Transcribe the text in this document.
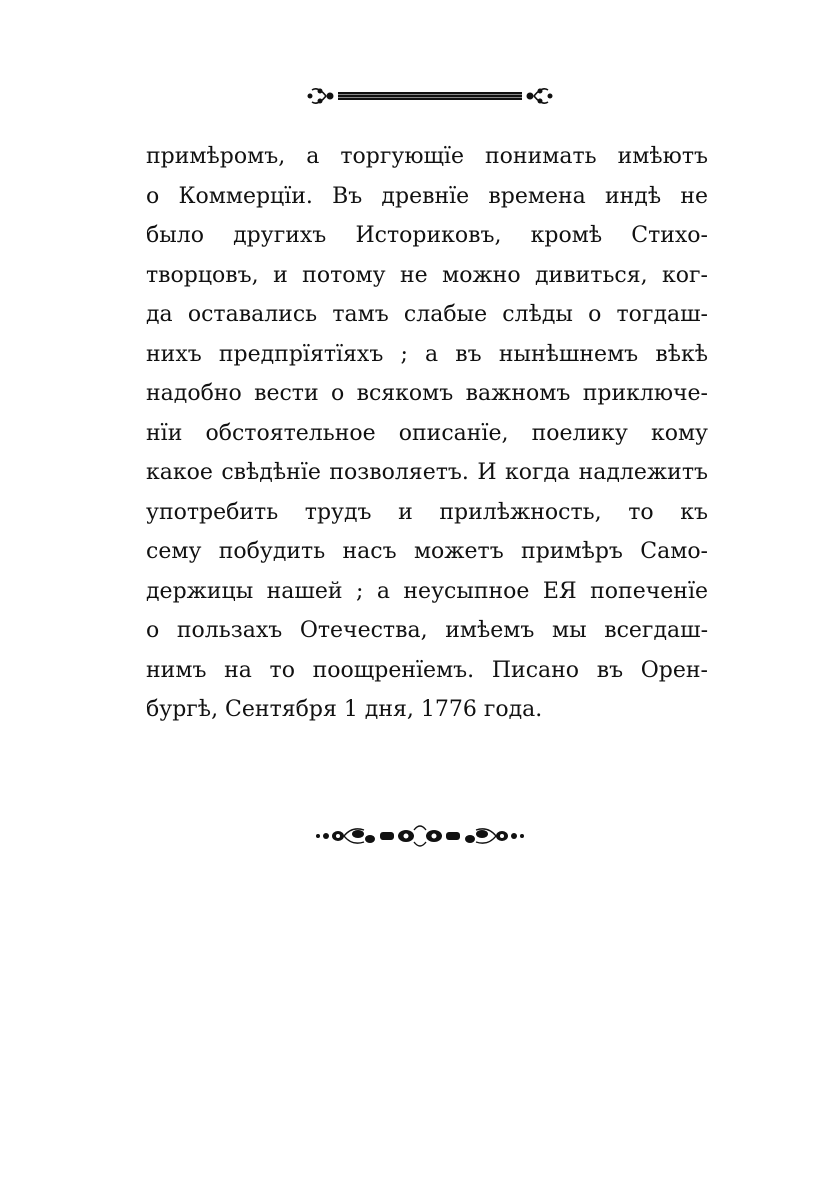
примѣромъ, а торгующїе понимать имѣютъ
о Коммерцїи. Въ древнїе времена индѣ не
было другихъ Историковъ, кромѣ Стихо-
творцовъ, и потому не можно дивиться, ког-
да оставались тамъ слабые слѣды о тогдаш-
нихъ предпрїятїяхъ ; а въ нынѣшнемъ вѣкѣ
надобно вести о всякомъ важномъ приключе-
нїи обстоятельное описанїе, поелику кому
какое свѣдѣнїе позволяетъ. И когда надлежитъ
употребить трудъ и прилѣжность, то къ
сему побудить насъ можетъ примѣръ Само-
держицы нашей ; а неусыпное ЕЯ попеченїе
о пользахъ Отечества, имѣемъ мы всегдаш-
нимъ на то поощренїемъ. Писано въ Орен-
бургѣ, Сентября 1 дня, 1776 года.
